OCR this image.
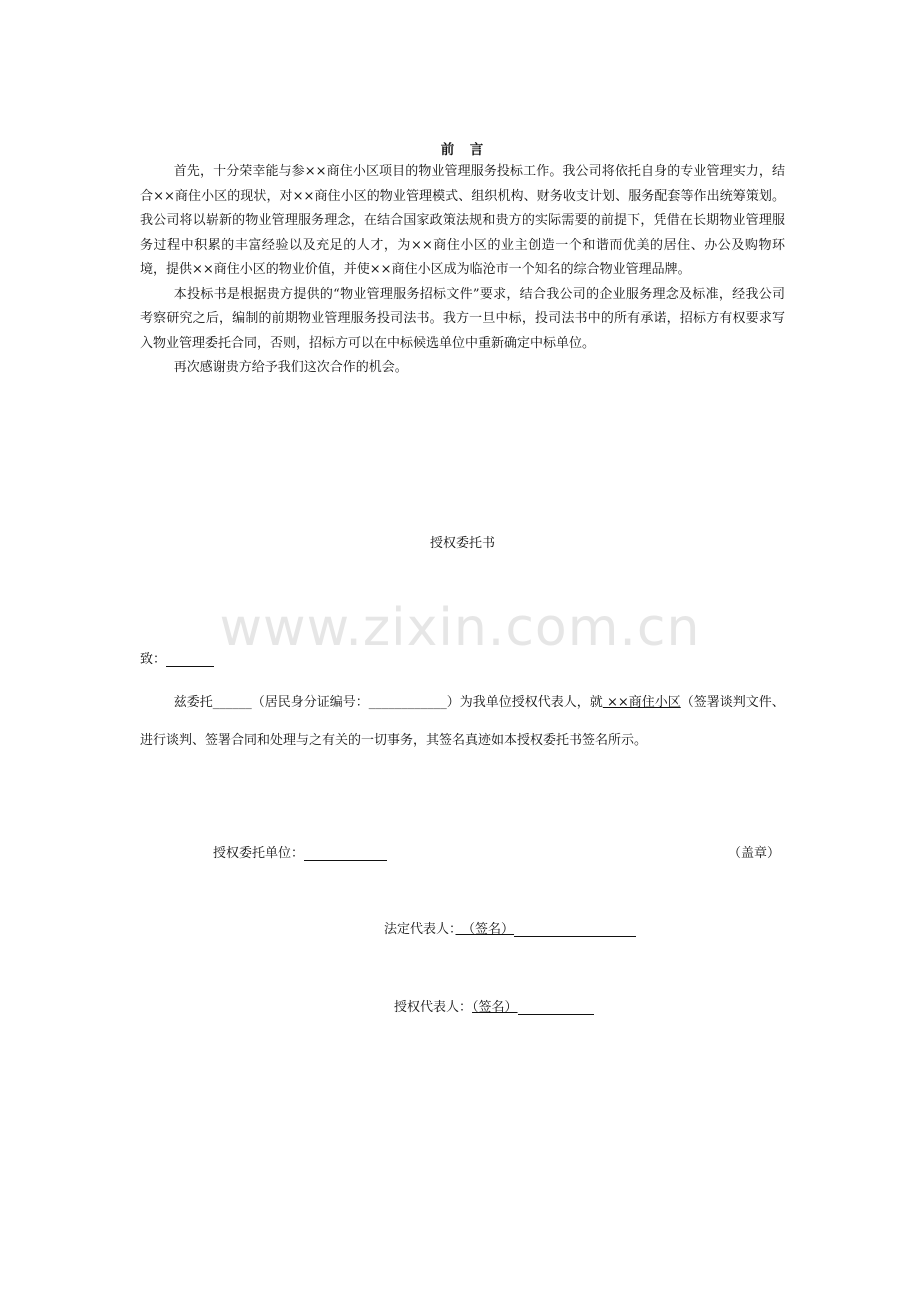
前　言

首先，十分荣幸能与参××商住小区项目的物业管理服务投标工作。我公司将依托自身的专业管理实力，结合××商住小区的现状，对××商住小区的物业管理模式、组织机构、财务收支计划、服务配套等作出统筹策划。我公司将以崭新的物业管理服务理念，在结合国家政策法规和贵方的实际需要的前提下，凭借在长期物业管理服务过程中积累的丰富经验以及充足的人才，为××商住小区的业主创造一个和谐而优美的居住、办公及购物环境，提供××商住小区的物业价值，并使××商住小区成为临沧市一个知名的综合物业管理品牌。

本投标书是根据贵方提供的“物业管理服务招标文件”要求，结合我公司的企业服务理念及标准，经我公司考察研究之后，编制的前期物业管理服务投司法书。我方一旦中标，投司法书中的所有承诺，招标方有权要求写入物业管理委托合同，否则，招标方可以在中标候选单位中重新确定中标单位。

再次感谢贵方给予我们这次合作的机会。

授权委托书
www.zixin.com.cn
致：

兹委托______（居民身分证编号：____________）为我单位授权代表人，就 ××商住小区（签署谈判文件、进行谈判、签署合同和处理与之有关的一切事务，其签名真迹如本授权委托书签名所示。

授权委托单位：	（盖章）
法定代表人：　（签名）
授权代表人：（签名）
